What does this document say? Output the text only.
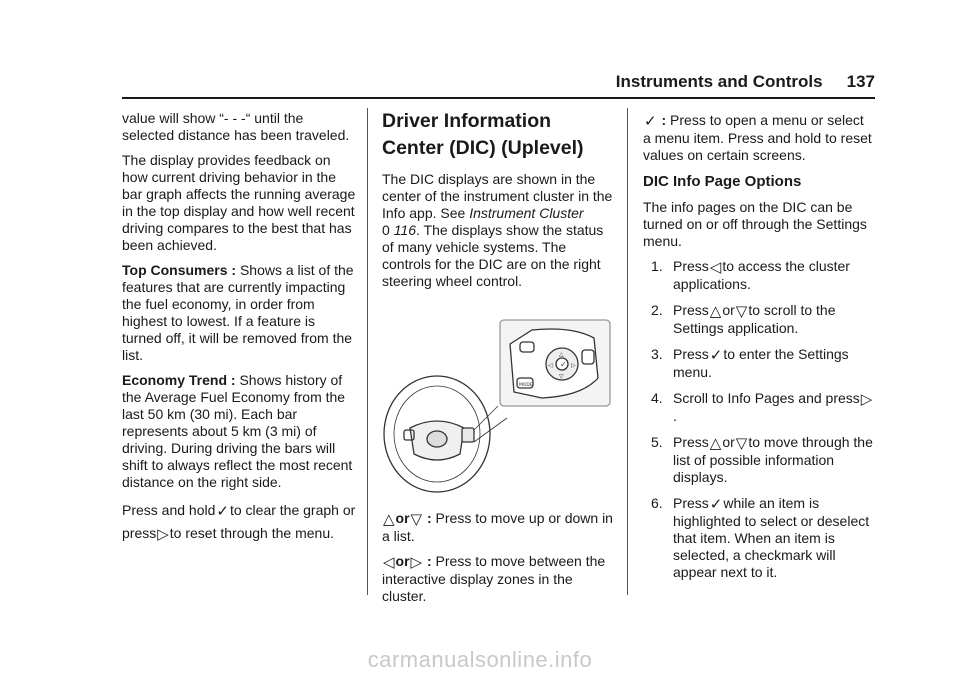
Instruments and Controls 137

value will show “- - -“ until the selected distance has been traveled.

The display provides feedback on how current driving behavior in the bar graph affects the running average in the top display and how well recent driving compares to the best that has been achieved.

Top Consumers : Shows a list of the features that are currently impacting the fuel economy, in order from highest to lowest. If a feature is turned off, it will be removed from the list.

Economy Trend : Shows history of the Average Fuel Economy from the last 50 km (30 mi). Each bar represents about 5 km (3 mi) of driving. During driving the bars will shift to always reflect the most recent distance on the right side.

Press and hold✓to clear the graph or press▷to reset through the menu.

Driver Information Center (DIC) (Uplevel)

The DIC displays are shown in the center of the instrument cluster in the Info app. See Instrument Cluster
0 116. The displays show the status of many vehicle systems. The controls for the DIC are on the right steering wheel control.

✓
△
▽
◁	▷
MODE

△or▽ : Press to move up or down in a list.

◁or▷ : Press to move between the interactive display zones in the cluster.

✓ : Press to open a menu or select a menu item. Press and hold to reset values on certain screens.

DIC Info Page Options

The info pages on the DIC can be turned on or off through the Settings menu.

1. Press◁to access the cluster applications.
2. Press△or▽to scroll to the Settings application.
3. Press✓to enter the Settings menu.
4. Scroll to Info Pages and press▷.
5. Press△or▽to move through the list of possible information displays.
6. Press✓while an item is highlighted to select or deselect that item. When an item is selected, a checkmark will appear next to it.
carmanualsonline.info
